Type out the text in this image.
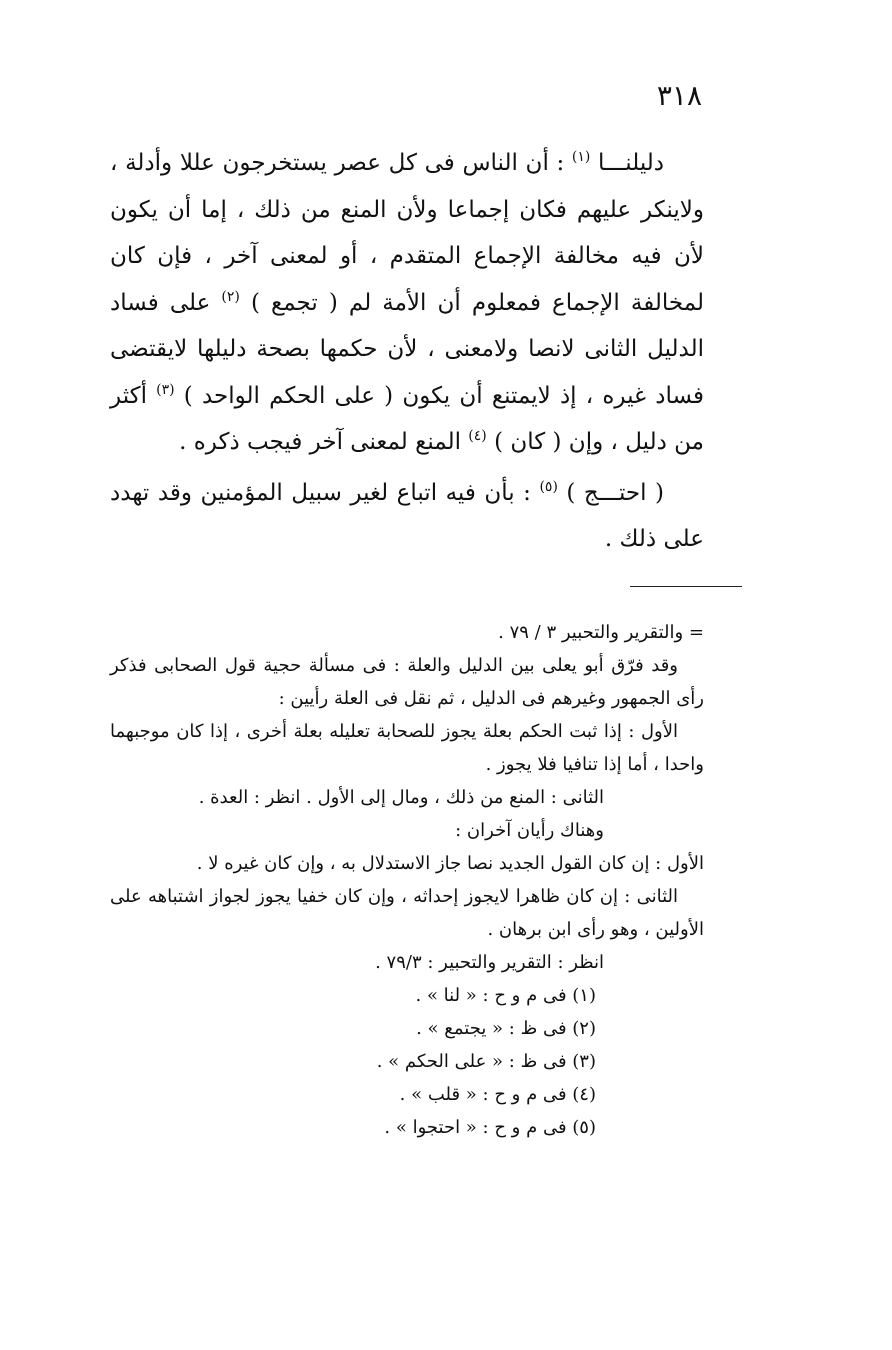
٣١٨

دليلنـــا $^{(١)}$ : أن الناس فى كل عصر يستخرجون عللا وأدلة ، ولاينكر عليهم فكان إجماعا ولأن المنع من ذلك ، إما أن يكون لأن فيه مخالفة الإجماع المتقدم ، أو لمعنى آخر ، فإن كان لمخالفة الإجماع فمعلوم أن الأمة لم ( تجمع ) $^{(٢)}$ على فساد الدليل الثانى لانصا ولامعنى ، لأن حكمها بصحة دليلها لايقتضى فساد غيره ، إذ لايمتنع أن يكون ( على الحكم الواحد ) $^{(٣)}$ أكثر من دليل ، وإن ( كان ) $^{(٤)}$ المنع لمعنى آخر فيجب ذكره .

( احتـــج ) $^{(٥)}$ : بأن فيه اتباع لغير سبيل المؤمنين وقد تهدد على ذلك .

= والتقرير والتحبير ٣ / ٧٩ .

وقد فرّق أبو يعلى بين الدليل والعلة : فى مسألة حجية قول الصحابى فذكر رأى الجمهور وغيرهم فى الدليل ، ثم نقل فى العلة رأيين :

الأول : إذا ثبت الحكم بعلة يجوز للصحابة تعليله بعلة أخرى ، إذا كان موجبهما واحدا ، أما إذا تنافيا فلا يجوز .

الثانى : المنع من ذلك ، ومال إلى الأول . انظر : العدة .

وهناك رأيان آخران :

الأول : إن كان القول الجديد نصا جاز الاستدلال به ، وإن كان غيره لا .

الثانى : إن كان ظاهرا لايجوز إحداثه ، وإن كان خفيا يجوز لجواز اشتباهه على الأولين ، وهو رأى ابن برهان .

انظر : التقرير والتحبير : ٧٩/٣ .

(١) فى م و ح : « لنا » .

(٢) فى ظ : « يجتمع » .

(٣) فى ظ : « على الحكم » .

(٤) فى م و ح : « قلب » .

(٥) فى م و ح : « احتجوا » .
